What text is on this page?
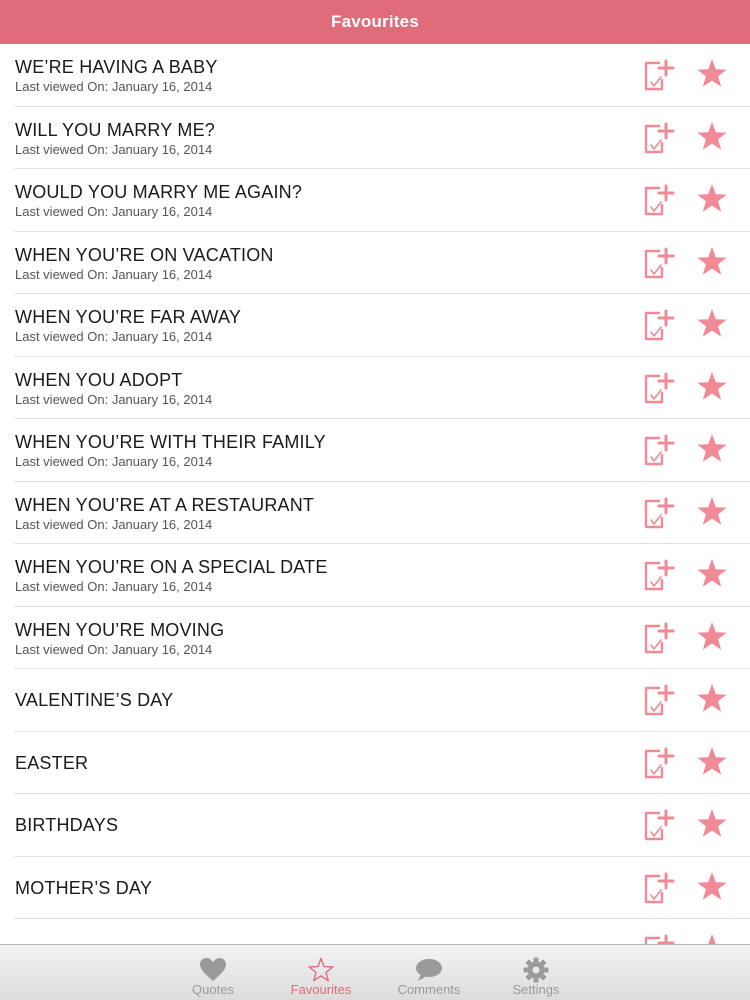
Favourites
WE’RE HAVING A BABY
Last viewed On: January 16, 2014
WILL YOU MARRY ME?
Last viewed On: January 16, 2014
WOULD YOU MARRY ME AGAIN?
Last viewed On: January 16, 2014
WHEN YOU’RE ON VACATION
Last viewed On: January 16, 2014
WHEN YOU’RE FAR AWAY
Last viewed On: January 16, 2014
WHEN YOU ADOPT
Last viewed On: January 16, 2014
WHEN YOU’RE WITH THEIR FAMILY
Last viewed On: January 16, 2014
WHEN YOU’RE AT A RESTAURANT
Last viewed On: January 16, 2014
WHEN YOU’RE ON A SPECIAL DATE
Last viewed On: January 16, 2014
WHEN YOU’RE MOVING
Last viewed On: January 16, 2014
VALENTINE’S DAY
EASTER
BIRTHDAYS
MOTHER’S DAY
Quotes	Favourites	Comments	Settings
